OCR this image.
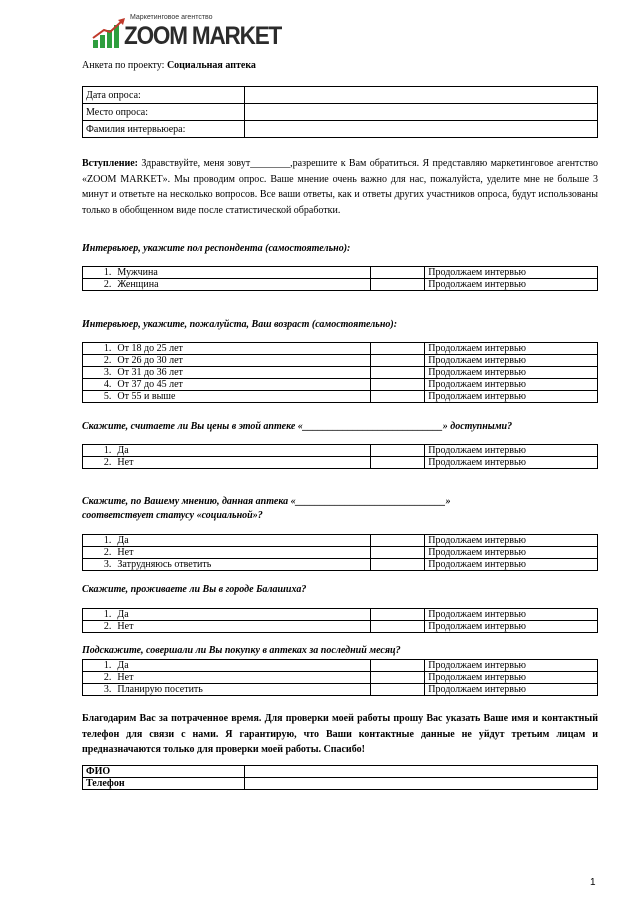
Маркетинговое агентство
ZOOM MARKET
Анкета по проекту: Социальная аптека
Дата опроса:	
Место опроса:	
Фамилия интервьюера:	
Вступление: Здравствуйте, меня зовут________,разрешите к Вам обратиться. Я представляю маркетинговое агентство «ZOOM MARKET». Мы проводим опрос. Ваше мнение очень важно для нас, пожалуйста, уделите мне не больше 3 минут и ответьте на несколько вопросов. Все ваши ответы, как и ответы других участников опроса, будут использованы только в обобщенном виде после статистической обработки.
Интервьюер, укажите пол респондента (самостоятельно):
1.	Мужчина		Продолжаем интервью
2.	Женщина		Продолжаем интервью
Интервьюер, укажите, пожалуйста, Ваш возраст (самостоятельно):
1.	От 18 до 25 лет		Продолжаем интервью
2.	От 26 до 30 лет		Продолжаем интервью
3.	От 31 до 36 лет		Продолжаем интервью
4.	От 37 до 45 лет		Продолжаем интервью
5.	От 55 и выше		Продолжаем интервью
Скажите, считаете ли Вы цены в этой аптеке «____________________________» доступными?
1.	Да		Продолжаем интервью
2.	Нет		Продолжаем интервью
Скажите, по Вашему мнению, данная аптека «______________________________»
соответствует статусу «социальной»?
1.	Да		Продолжаем интервью
2.	Нет		Продолжаем интервью
3.	Затрудняюсь ответить		Продолжаем интервью
Скажите, проживаете ли Вы в городе Балашиха?
1.	Да		Продолжаем интервью
2.	Нет		Продолжаем интервью
Подскажите, совершали ли Вы покупку в аптеках за последний месяц?
1.	Да		Продолжаем интервью
2.	Нет		Продолжаем интервью
3.	Планирую посетить		Продолжаем интервью
Благодарим Вас за потраченное время. Для проверки моей работы прошу Вас указать Ваше имя и контактный телефон для связи с нами. Я гарантирую, что Ваши контактные данные не уйдут третьим лицам и предназначаются только для проверки моей работы. Спасибо!
ФИО	
Телефон	
1
